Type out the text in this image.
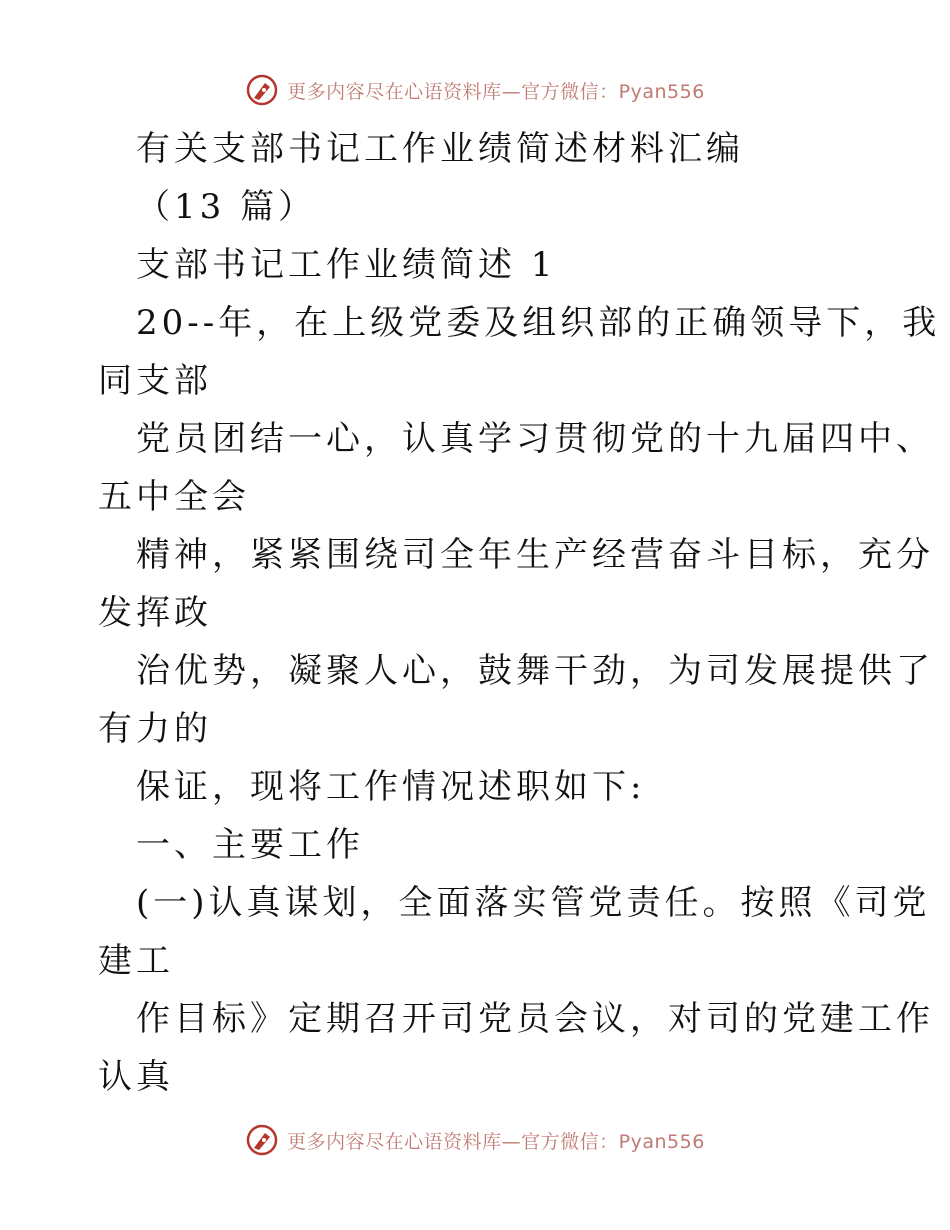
更多内容尽在心语资料库—官方微信：Pyan556
有关支部书记工作业绩简述材料汇编
（13 篇）
支部书记工作业绩简述 1
20--年，在上级党委及组织部的正确领导下，我
同支部
党员团结一心，认真学习贯彻党的十九届四中、
五中全会
精神，紧紧围绕司全年生产经营奋斗目标，充分
发挥政
治优势，凝聚人心，鼓舞干劲，为司发展提供了
有力的
保证，现将工作情况述职如下:
一、主要工作
(一)认真谋划，全面落实管党责任。按照《司党
建工
作目标》定期召开司党员会议，对司的党建工作
认真
更多内容尽在心语资料库—官方微信：Pyan556
